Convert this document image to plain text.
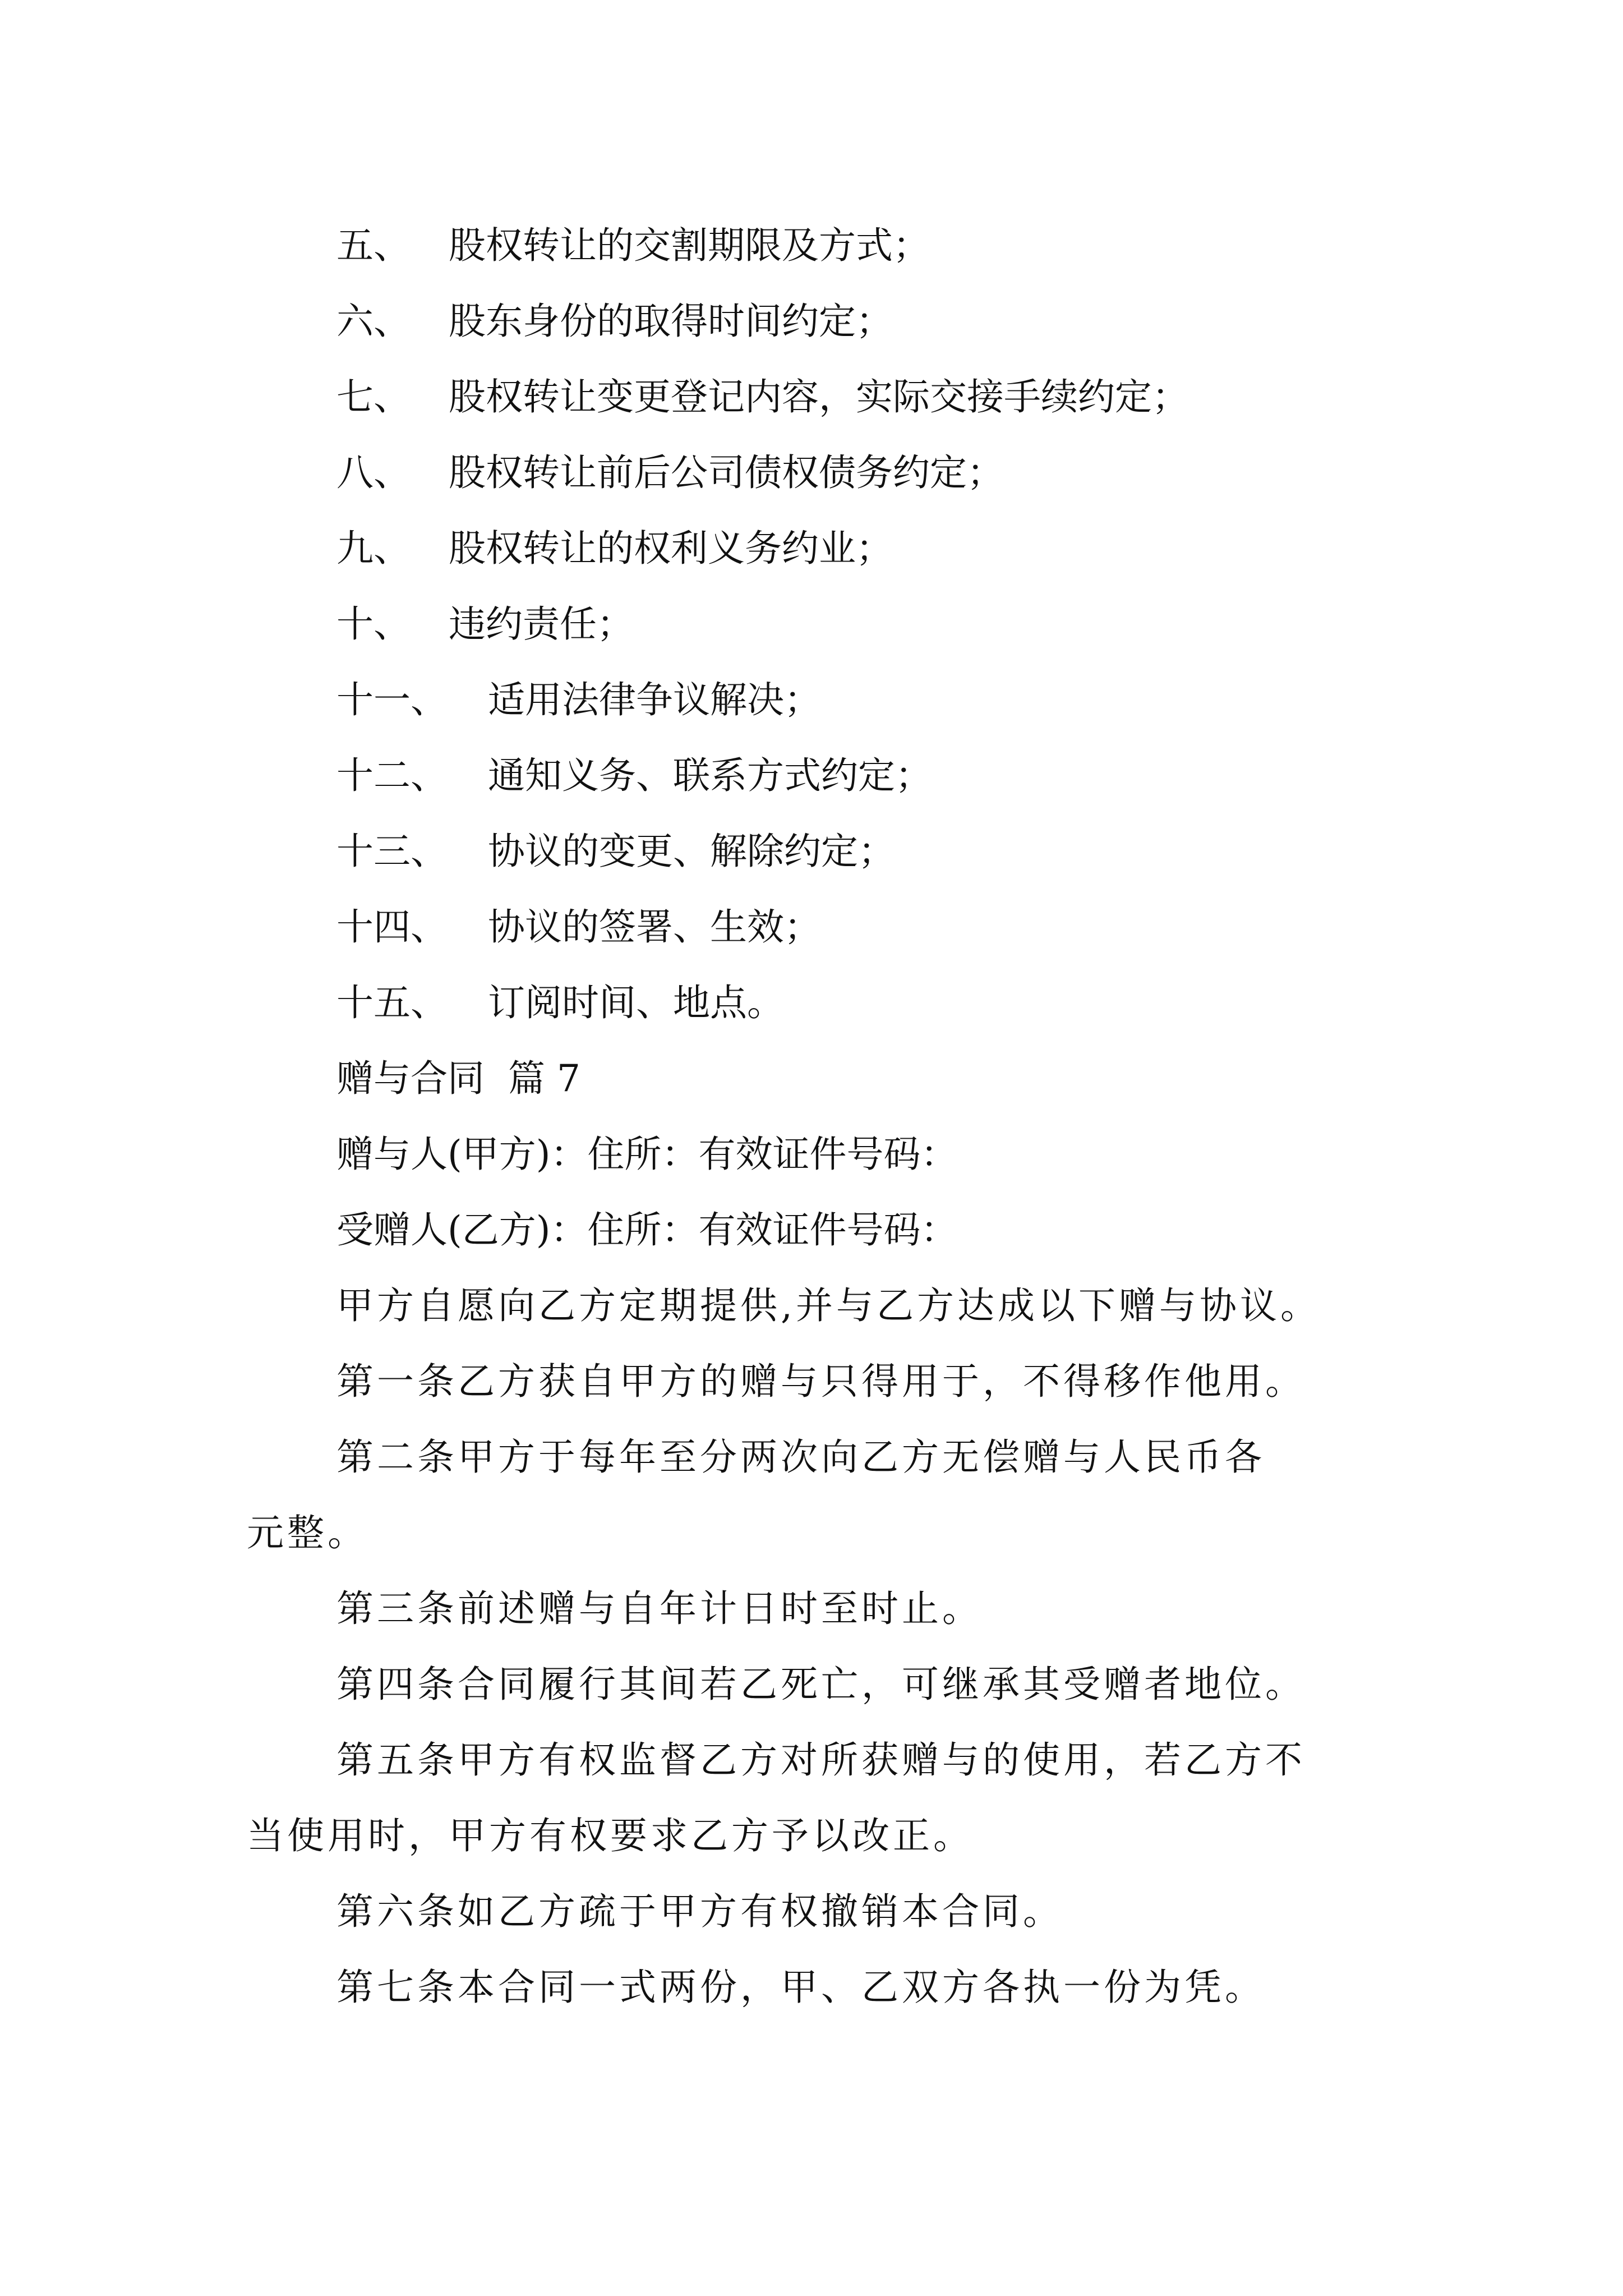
五、 股权转让的交割期限及方式；
六、 股东身份的取得时间约定；
七、 股权转让变更登记内容，实际交接手续约定；
八、 股权转让前后公司债权债务约定；
九、 股权转让的权利义务约业；
十、 违约责任；
十一、 适用法律争议解决；
十二、 通知义务、联系方式约定；
十三、 协议的变更、解除约定；
十四、 协议的签署、生效；
十五、 订阅时间、地点。
赠与合同  篇 7
赠与人(甲方)：住所：有效证件号码：
受赠人(乙方)：住所：有效证件号码：
甲方自愿向乙方定期提供,并与乙方达成以下赠与协议。
第一条乙方获自甲方的赠与只得用于，不得移作他用。
第二条甲方于每年至分两次向乙方无偿赠与人民币各
元整。
第三条前述赠与自年计日时至时止。
第四条合同履行其间若乙死亡，可继承其受赠者地位。
第五条甲方有权监督乙方对所获赠与的使用，若乙方不
当使用时，甲方有权要求乙方予以改正。
第六条如乙方疏于甲方有权撤销本合同。
第七条本合同一式两份，甲、乙双方各执一份为凭。
